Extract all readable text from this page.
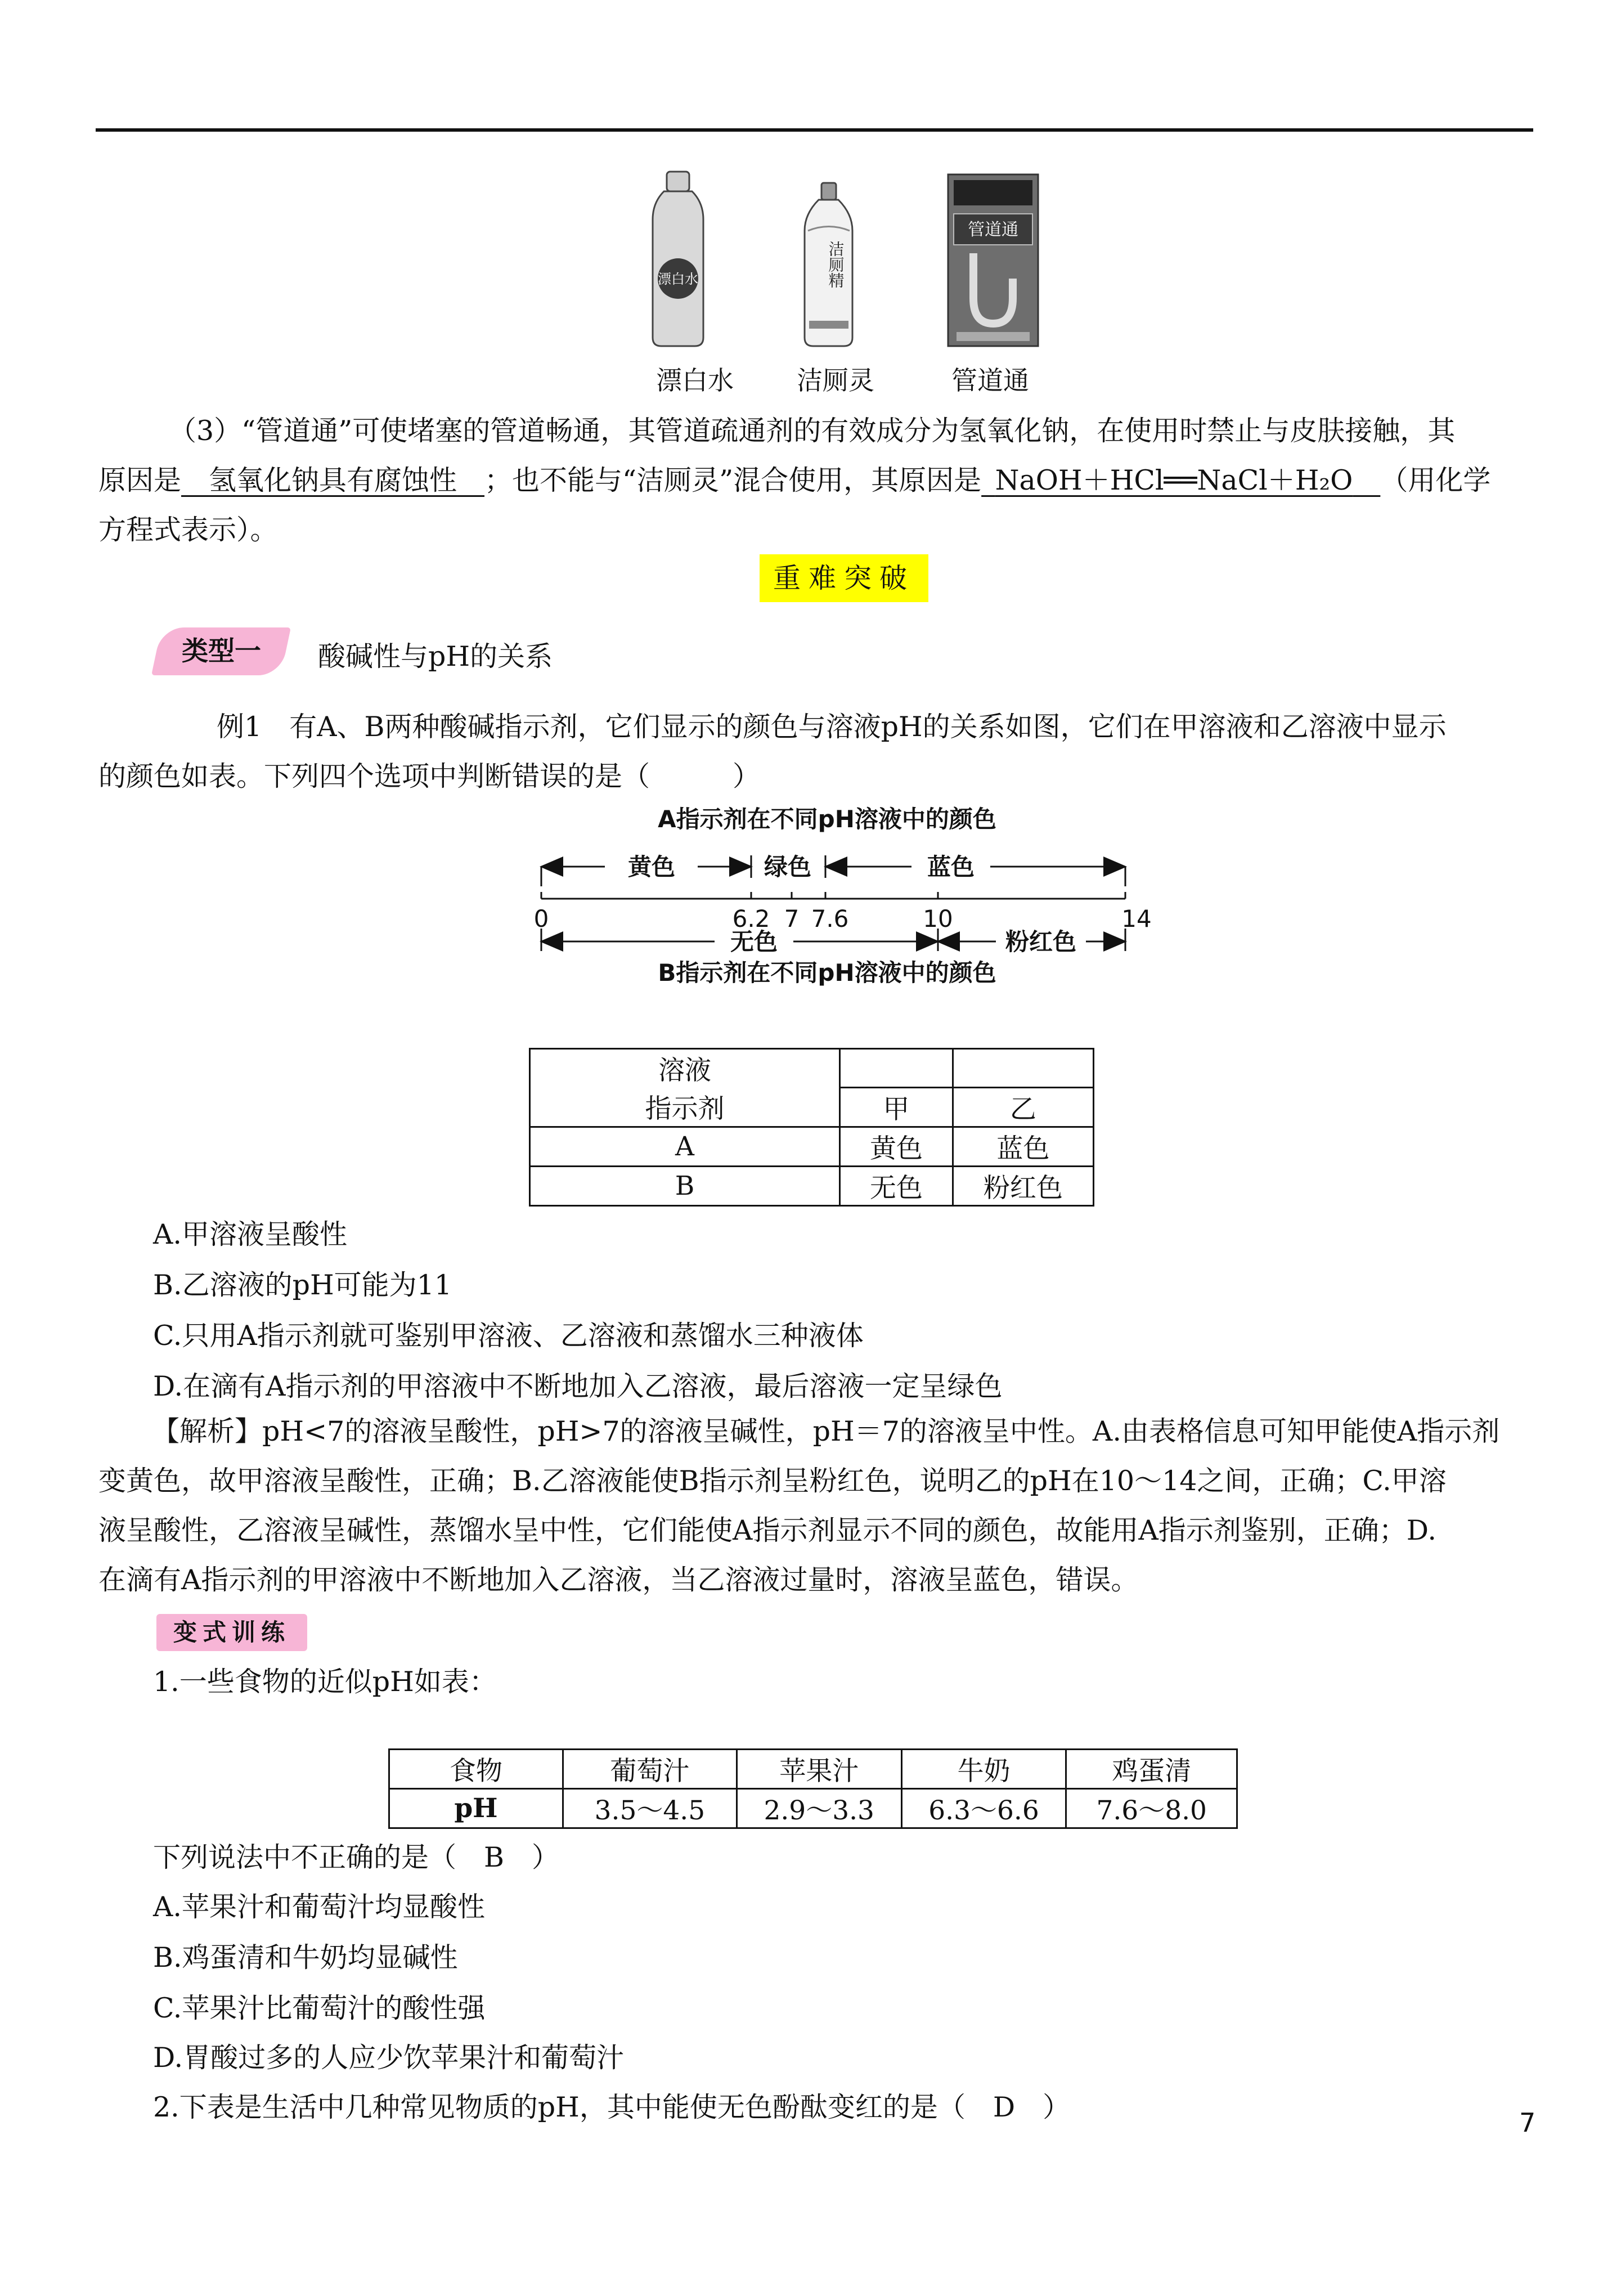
漂白水	洁厕精
管道通
漂白水	洁厕灵	管道通
（3）“管道通”可使堵塞的管道畅通，其管道疏通剂的有效成分为氢氧化钠，在使用时禁止与皮肤接触，其
原因是  氢氧化钠具有腐蚀性  ；也不能与“洁厕灵”混合使用，其原因是  NaOH＋HCl══NaCl＋H₂O  （用化学
方程式表示）。
重难突破
类型一	酸碱性与pH的关系
例1　有A、B两种酸碱指示剂，它们显示的颜色与溶液pH的关系如图，它们在甲溶液和乙溶液中显示
的颜色如表。下列四个选项中判断错误的是（　　　）
A指示剂在不同pH溶液中的颜色
黄色	绿色	蓝色
0	6.2 7 7.6	10	14
无色	粉红色
B指示剂在不同pH溶液中的颜色
溶液		
指示剂	甲	乙
A	黄色	蓝色
B	无色	粉红色
A.甲溶液呈酸性
B.乙溶液的pH可能为11
C.只用A指示剂就可鉴别甲溶液、乙溶液和蒸馏水三种液体
D.在滴有A指示剂的甲溶液中不断地加入乙溶液，最后溶液一定呈绿色
【解析】pH<7的溶液呈酸性，pH>7的溶液呈碱性，pH＝7的溶液呈中性。A.由表格信息可知甲能使A指示剂
变黄色，故甲溶液呈酸性，正确；B.乙溶液能使B指示剂呈粉红色，说明乙的pH在10～14之间，正确；C.甲溶
液呈酸性，乙溶液呈碱性，蒸馏水呈中性，它们能使A指示剂显示不同的颜色，故能用A指示剂鉴别，正确；D.
在滴有A指示剂的甲溶液中不断地加入乙溶液，当乙溶液过量时，溶液呈蓝色，错误。
变式训练
1.一些食物的近似pH如表：
食物	葡萄汁	苹果汁	牛奶	鸡蛋清
pH	3.5～4.5	2.9～3.3	6.3～6.6	7.6～8.0
下列说法中不正确的是（　B　）
A.苹果汁和葡萄汁均显酸性
B.鸡蛋清和牛奶均显碱性
C.苹果汁比葡萄汁的酸性强
D.胃酸过多的人应少饮苹果汁和葡萄汁
2.下表是生活中几种常见物质的pH，其中能使无色酚酞变红的是（　D　）	7
